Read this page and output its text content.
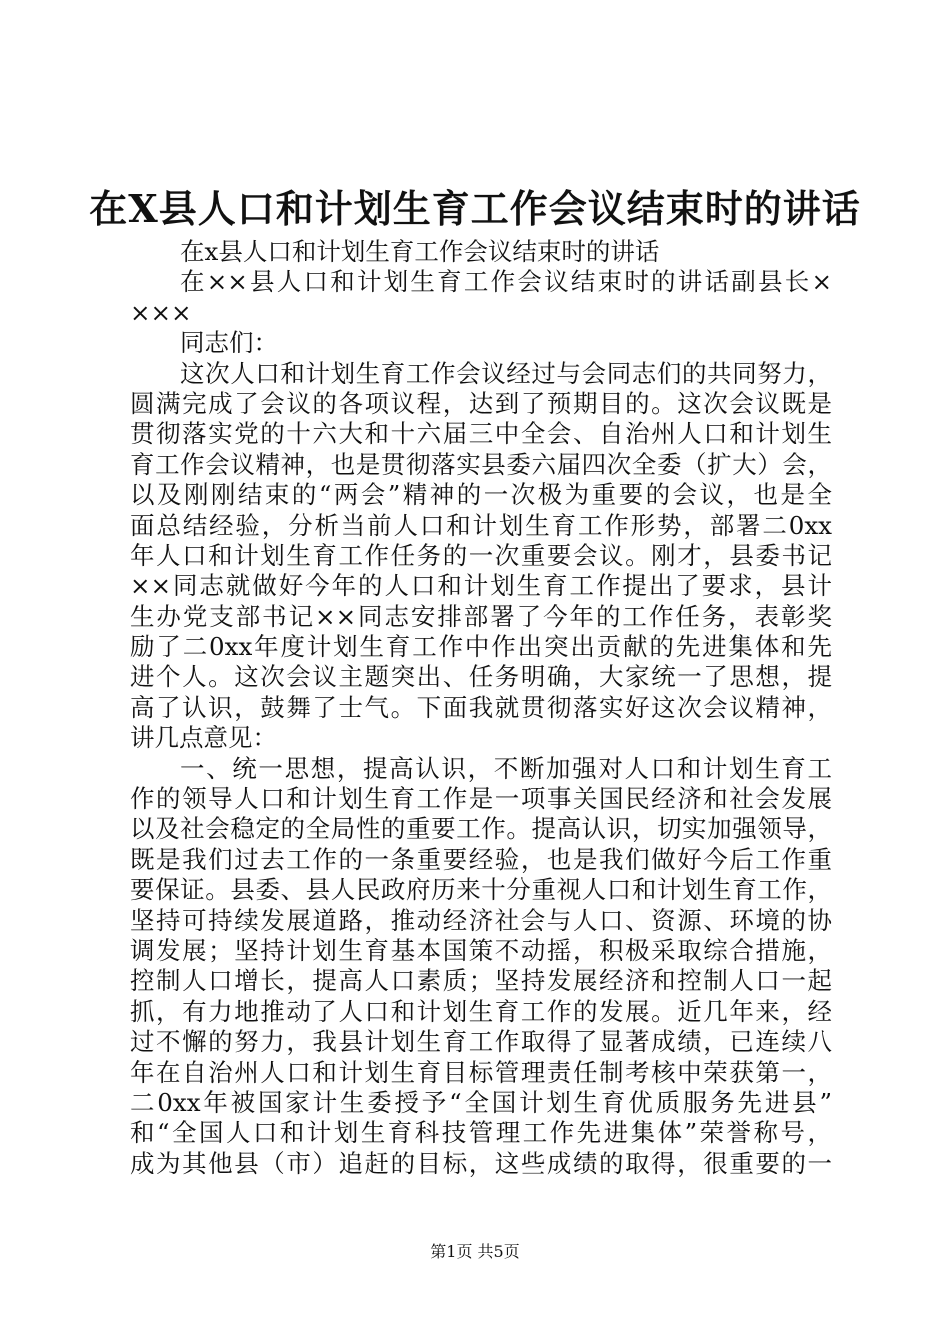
在X县人口和计划生育工作会议结束时的讲话
在x县人口和计划生育工作会议结束时的讲话
在××县人口和计划生育工作会议结束时的讲话副县长×
×××
同志们：
这次人口和计划生育工作会议经过与会同志们的共同努力，
圆满完成了会议的各项议程，达到了预期目的。这次会议既是
贯彻落实党的十六大和十六届三中全会、自治州人口和计划生
育工作会议精神，也是贯彻落实县委六届四次全委（扩大）会，
以及刚刚结束的“两会”精神的一次极为重要的会议，也是全
面总结经验，分析当前人口和计划生育工作形势，部署二0xx
年人口和计划生育工作任务的一次重要会议。刚才，县委书记
××同志就做好今年的人口和计划生育工作提出了要求，县计
生办党支部书记××同志安排部署了今年的工作任务，表彰奖
励了二0xx年度计划生育工作中作出突出贡献的先进集体和先
进个人。这次会议主题突出、任务明确，大家统一了思想，提
高了认识，鼓舞了士气。下面我就贯彻落实好这次会议精神，
讲几点意见：
一、统一思想，提高认识，不断加强对人口和计划生育工
作的领导人口和计划生育工作是一项事关国民经济和社会发展
以及社会稳定的全局性的重要工作。提高认识，切实加强领导，
既是我们过去工作的一条重要经验，也是我们做好今后工作重
要保证。县委、县人民政府历来十分重视人口和计划生育工作，
坚持可持续发展道路，推动经济社会与人口、资源、环境的协
调发展；坚持计划生育基本国策不动摇，积极采取综合措施，
控制人口增长，提高人口素质；坚持发展经济和控制人口一起
抓，有力地推动了人口和计划生育工作的发展。近几年来，经
过不懈的努力，我县计划生育工作取得了显著成绩，已连续八
年在自治州人口和计划生育目标管理责任制考核中荣获第一，
二0xx年被国家计生委授予“全国计划生育优质服务先进县”
和“全国人口和计划生育科技管理工作先进集体”荣誉称号，
成为其他县（市）追赶的目标，这些成绩的取得，很重要的一
第1页 共5页
